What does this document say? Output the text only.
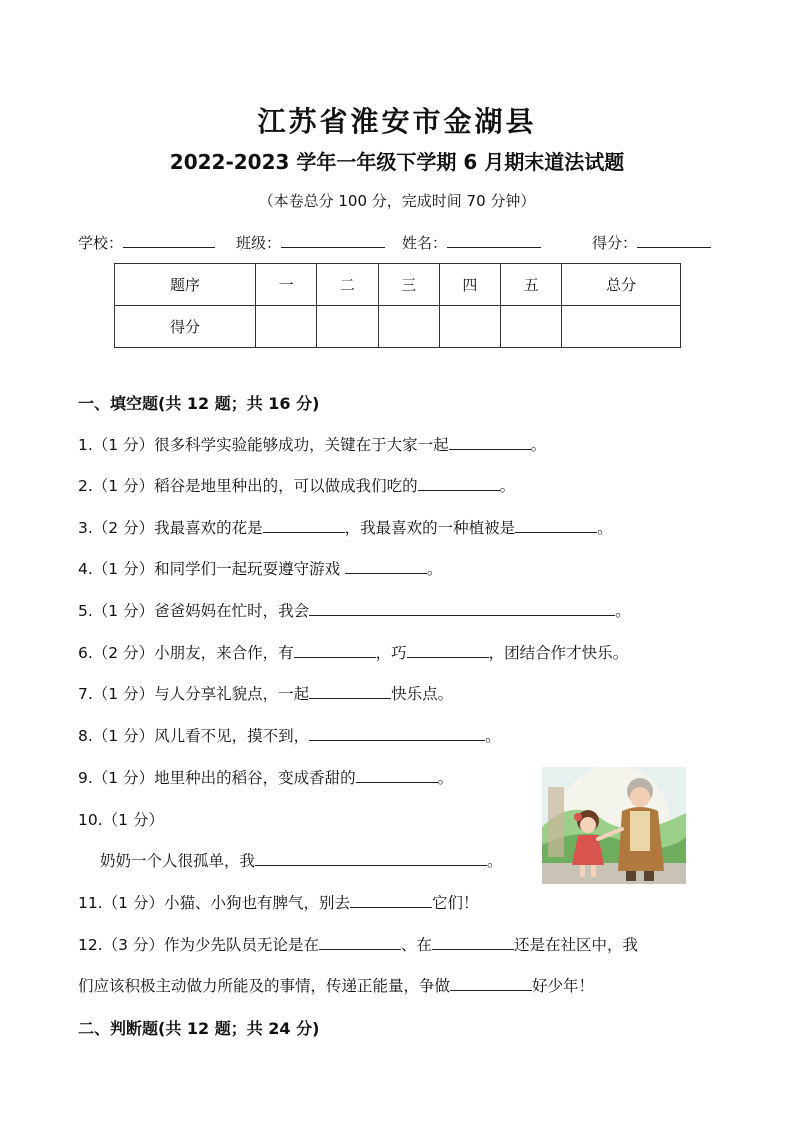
江苏省淮安市金湖县
2022-2023 学年一年级下学期 6 月期末道法试题
（本卷总分 100 分，完成时间 70 分钟）
学校：	班级：	姓名：	得分：
题序	一	二	三	四	五	总分
得分						
一、填空题(共 12 题；共 16 分)
1.（1 分）很多科学实验能够成功，关键在于大家一起	。
2.（1 分）稻谷是地里种出的，可以做成我们吃的	。
3.（2 分）我最喜欢的花是	，我最喜欢的一种植被是	。
4.（1 分）和同学们一起玩耍遵守游戏	。
5.（1 分）爸爸妈妈在忙时，我会	。
6.（2 分）小朋友，来合作，有	，巧	，团结合作才快乐。
7.（1 分）与人分享礼貌点，一起	快乐点。
8.（1 分）风儿看不见，摸不到，	。
9.（1 分）地里种出的稻谷，变成香甜的	。
10.（1 分）
奶奶一个人很孤单，我	。
11.（1 分）小猫、小狗也有脾气，别去	它们！
12.（3 分）作为少先队员无论是在	、在	还是在社区中，我
们应该积极主动做力所能及的事情，传递正能量，争做	好少年！
二、判断题(共 12 题；共 24 分)
